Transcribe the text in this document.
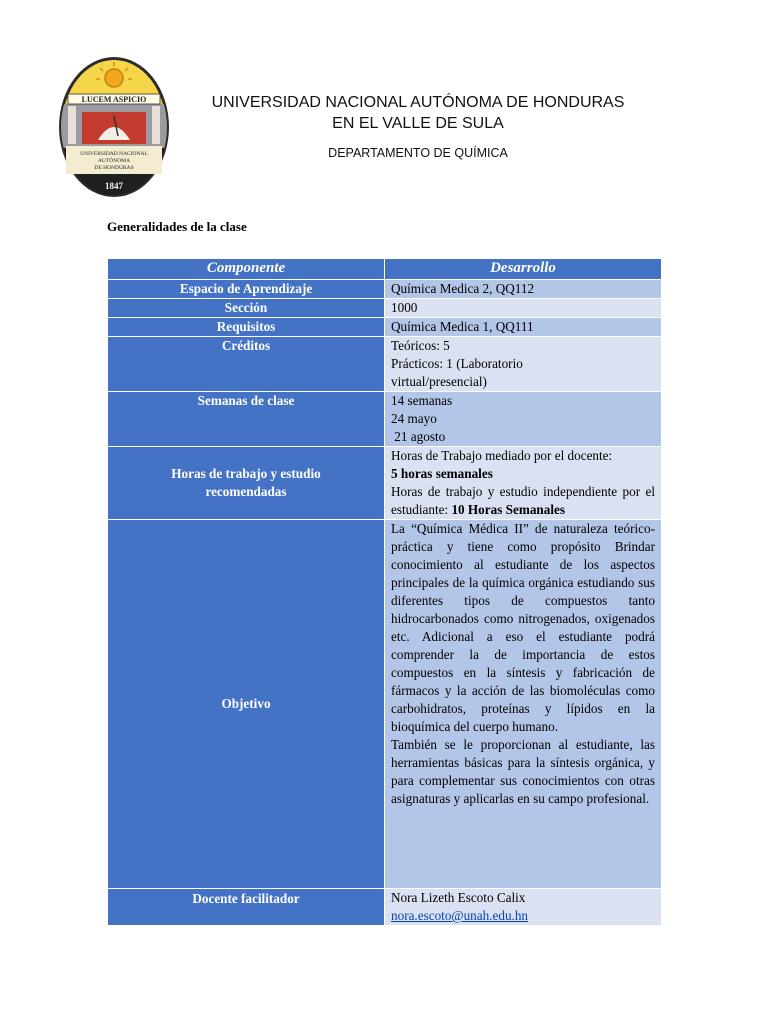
LUCEM ASPICIO
UNIVERSIDAD NACIONAL
AUTÓNOMA
DE HONDURAS
1847
UNIVERSIDAD NACIONAL AUTÓNOMA DE HONDURAS
EN EL VALLE DE SULA
DEPARTAMENTO DE QUÍMICA
Generalidades de la clase
Componente	Desarrollo
Espacio de Aprendizaje	Química Medica 2, QQ112
Sección	1000
Requisitos	Química Medica 1, QQ111
Créditos	Teóricos: 5
Prácticos: 1 (Laboratorio virtual/presencial)

Semanas de clase	14 semanas
24 mayo
21 agosto

Horas de trabajo y estudio recomendadas	Horas de Trabajo mediado por el docente:
5 horas semanales
Horas de trabajo y estudio independiente por el estudiante: 10 Horas Semanales

Objetivo	La “Química Médica II” de naturaleza teórico-práctica y tiene como propósito Brindar conocimiento al estudiante de los aspectos principales de la química orgánica estudiando sus diferentes tipos de compuestos tanto hidrocarbonados como nitrogenados, oxigenados etc. Adicional a eso el estudiante podrá comprender la de importancia de estos compuestos en la síntesis y fabricación de fármacos y la acción de las biomoléculas como carbohidratos, proteínas y lípidos en la bioquímica del cuerpo humano.
También se le proporcionan al estudiante, las herramientas básicas para la síntesis orgánica, y para complementar sus conocimientos con otras asignaturas y aplicarlas en su campo profesional.

Docente facilitador	Nora Lizeth Escoto Calix
nora.escoto@unah.edu.hn
